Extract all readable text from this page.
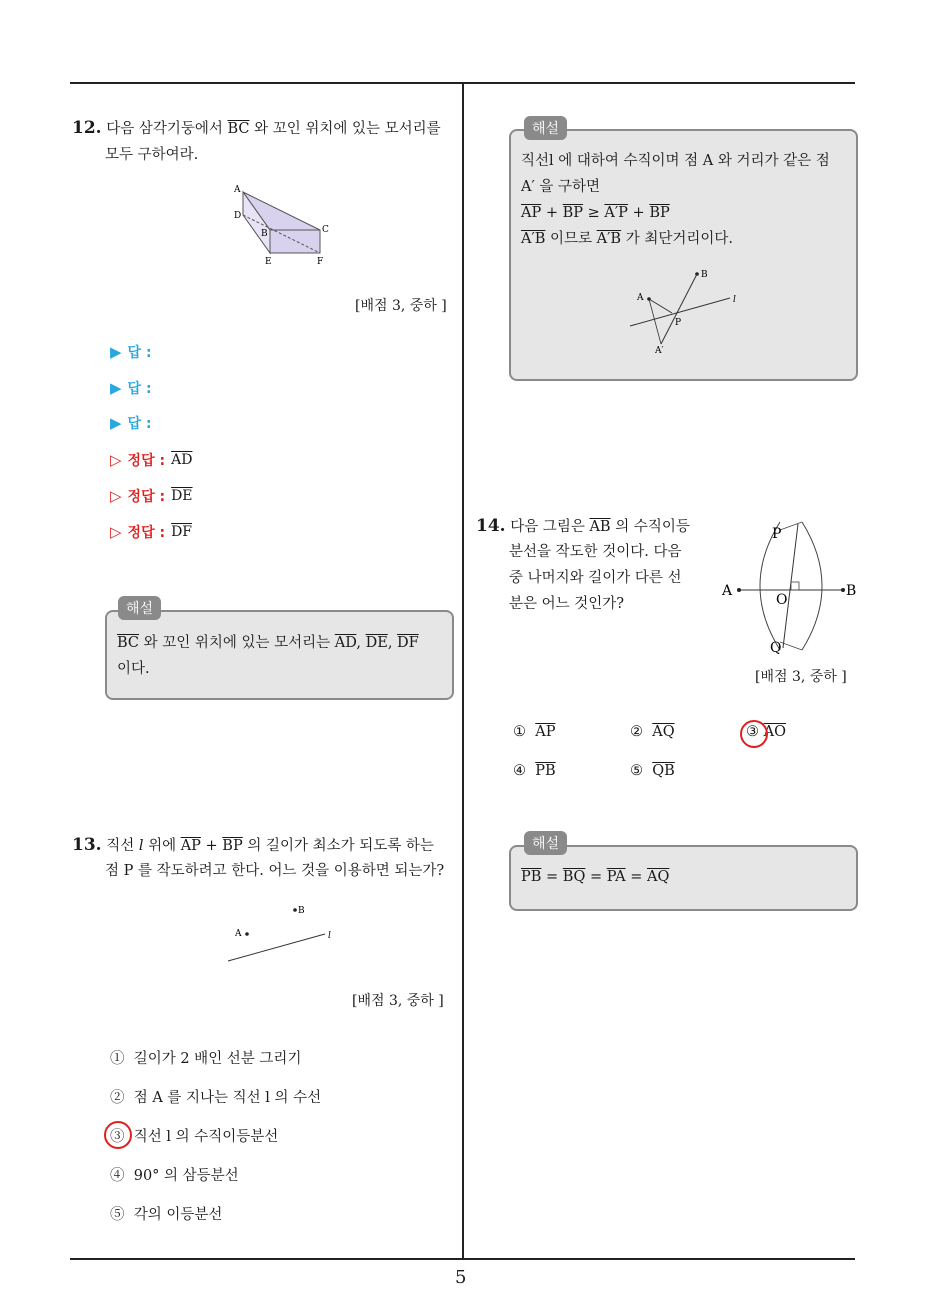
5
12. 다음 삼각기둥에서 $\overline{BC}$ 와 꼬인 위치에 있는 모서리를
모두 구하여라.
A
D
B	C
E	F
[배점 3, 중하 ]
▶ 답 :
▶ 답 :
▶ 답 :
▷ 정답 : $\overline{AD}$
▷ 정답 : $\overline{DE}$
▷ 정답 : $\overline{DF}$
해설
$\overline{BC}$ 와 꼬인 위치에 있는 모서리는 $\overline{AD}$, $\overline{DE}$, $\overline{DF}$
이다.
13. 직선 l 위에 $\overline{AP} + \overline{BP}$ 의 길이가 최소가 되도록 하는
점 P 를 작도하려고 한다. 어느 것을 이용하면 되는가?
A
B
l
[배점 3, 중하 ]
① 길이가 2 배인 선분 그리기
② 점 A 를 지나는 직선 l 의 수선
③ 직선 l 의 수직이등분선
④ 90° 의 삼등분선
⑤ 각의 이등분선
해설
직선l 에 대하여 수직이며 점 A 와 거리가 같은 점
A′ 을 구하면
$\overline{AP} + \overline{BP} \ge A'P + \overline{BP}$
A′B 이므로 A′B 가 최단거리이다.
A
B
P
A′
l
14. 다음 그림은 $\overline{AB}$ 의 수직이등
분선을 작도한 것이다. 다음
중 나머지와 길이가 다른 선
분은 어느 것인가?
P
A
O
B
Q
[배점 3, 중하 ]
① $\overline{AP}$	② $\overline{AQ}$	③ $\overline{AO}$
④ $\overline{PB}$	⑤ $\overline{QB}$
해설
$\overline{PB} = \overline{BQ} = \overline{PA} = \overline{AQ}$
